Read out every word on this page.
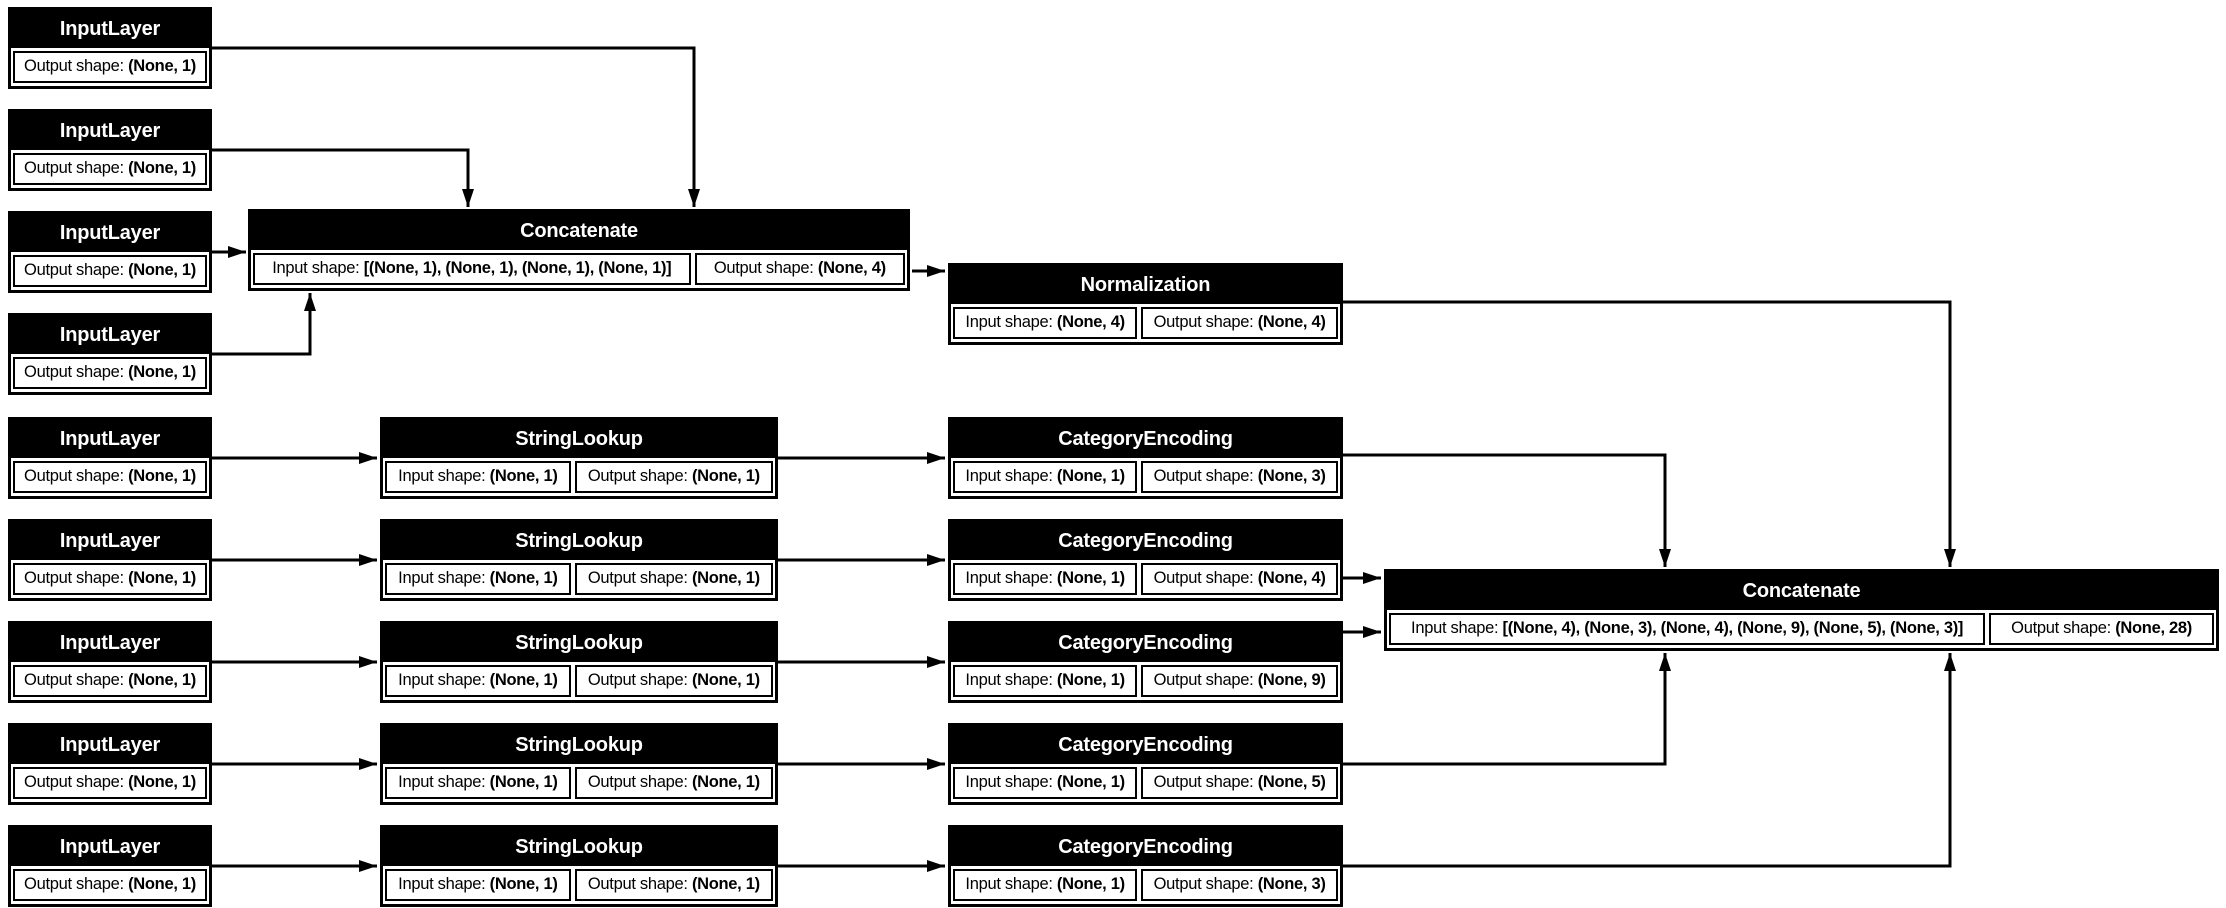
InputLayer
Output shape: (None, 1)
InputLayer
Output shape: (None, 1)
InputLayer
Output shape: (None, 1)
InputLayer
Output shape: (None, 1)
Concatenate
Input shape: [(None, 1), (None, 1), (None, 1), (None, 1)]	Output shape: (None, 4)
Normalization
Input shape: (None, 4)	Output shape: (None, 4)
InputLayer
Output shape: (None, 1)
InputLayer
Output shape: (None, 1)
InputLayer
Output shape: (None, 1)
InputLayer
Output shape: (None, 1)
InputLayer
Output shape: (None, 1)
StringLookup
Input shape: (None, 1)	Output shape: (None, 1)
StringLookup
Input shape: (None, 1)	Output shape: (None, 1)
StringLookup
Input shape: (None, 1)	Output shape: (None, 1)
StringLookup
Input shape: (None, 1)	Output shape: (None, 1)
StringLookup
Input shape: (None, 1)	Output shape: (None, 1)
CategoryEncoding
Input shape: (None, 1)	Output shape: (None, 3)
CategoryEncoding
Input shape: (None, 1)	Output shape: (None, 4)
CategoryEncoding
Input shape: (None, 1)	Output shape: (None, 9)
CategoryEncoding
Input shape: (None, 1)	Output shape: (None, 5)
CategoryEncoding
Input shape: (None, 1)	Output shape: (None, 3)
Concatenate
Input shape: [(None, 4), (None, 3), (None, 4), (None, 9), (None, 5), (None, 3)]	Output shape: (None, 28)
